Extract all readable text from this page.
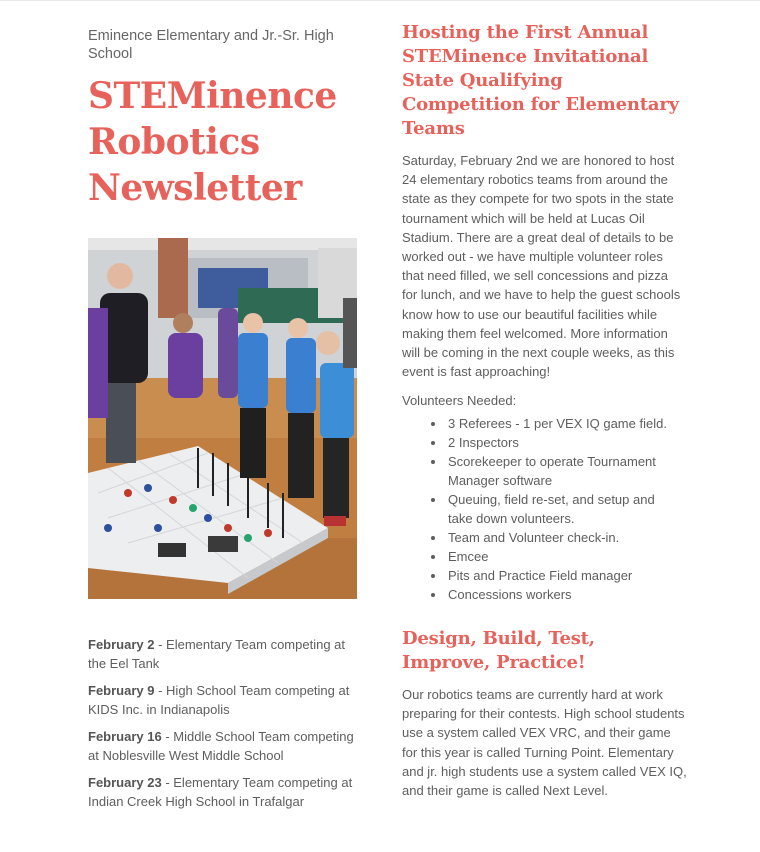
Eminence Elementary and Jr.-Sr. High School

STEMinence
Robotics
Newsletter

February 2 - Elementary Team competing at the Eel Tank

February 9 - High School Team competing at KIDS Inc. in Indianapolis

February 16 - Middle School Team competing at Noblesville West Middle School

February 23 - Elementary Team competing at Indian Creek High School in Trafalgar

Hosting the First Annual STEMinence Invitational State Qualifying Competition for Elementary Teams

Saturday, February 2nd we are honored to host 24 elementary robotics teams from around the state as they compete for two spots in the state tournament which will be held at Lucas Oil Stadium. There are a great deal of details to be worked out - we have multiple volunteer roles that need filled, we sell concessions and pizza for lunch, and we have to help the guest schools know how to use our beautiful facilities while making them feel welcomed. More information will be coming in the next couple weeks, as this event is fast approaching!

Volunteers Needed:

• 3 Referees - 1 per VEX IQ game field.
• 2 Inspectors
• Scorekeeper to operate Tournament Manager software
• Queuing, field re-set, and setup and take down volunteers.
• Team and Volunteer check-in.
• Emcee
• Pits and Practice Field manager
• Concessions workers
Design, Build, Test, Improve, Practice!

Our robotics teams are currently hard at work preparing for their contests. High school students use a system called VEX VRC, and their game for this year is called Turning Point. Elementary and jr. high students use a system called VEX IQ, and their game is called Next Level.
